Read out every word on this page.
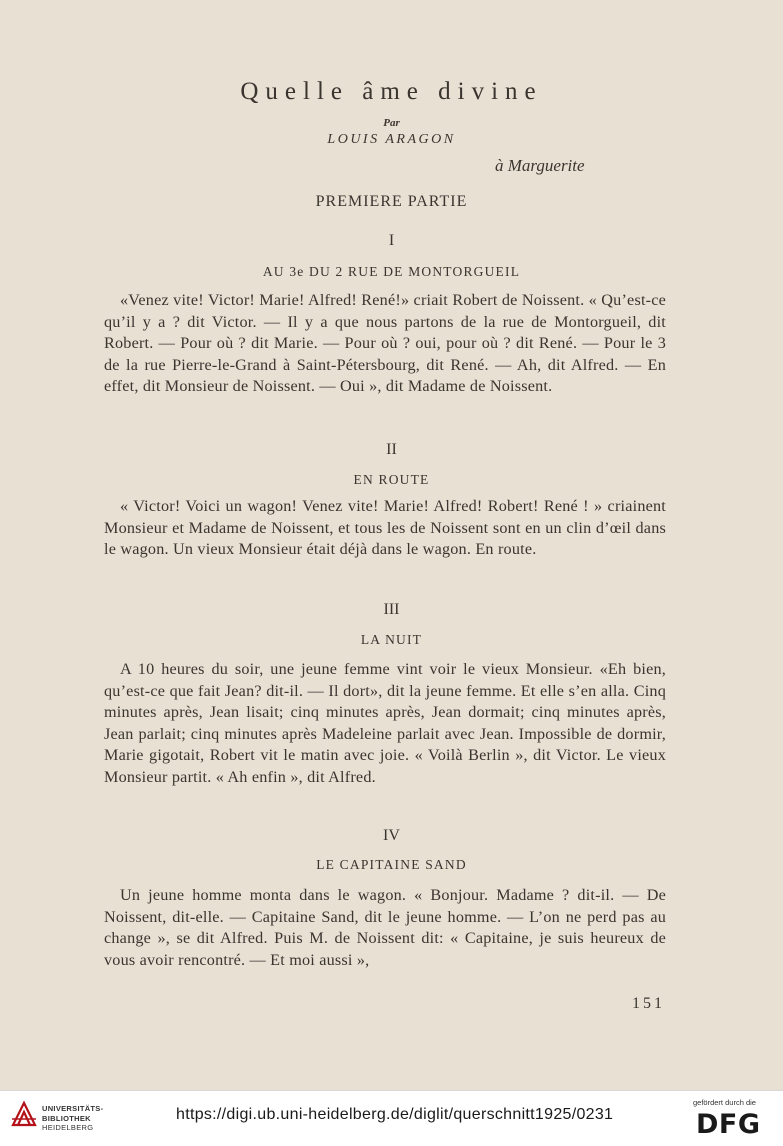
Quelle âme divine
Par
LOUIS ARAGON
à Marguerite
PREMIERE PARTIE
I
AU 3e DU 2 RUE DE MONTORGUEIL
«Venez vite! Victor! Marie! Alfred! René!» criait Robert de Noissent. « Qu’est-ce qu’il y a ? dit Victor. — Il y a que nous partons de la rue de Montorgueil, dit Robert. — Pour où ? dit Marie. — Pour où ? oui, pour où ? dit René. — Pour le 3 de la rue Pierre-le-Grand à Saint-Pétersbourg, dit René. — Ah, dit Alfred. — En effet, dit Monsieur de Noissent. — Oui », dit Madame de Noissent.
II
EN ROUTE
« Victor! Voici un wagon! Venez vite! Marie! Alfred! Robert! René ! » criainent Monsieur et Madame de Noissent, et tous les de Noissent sont en un clin d’œil dans le wagon. Un vieux Monsieur était déjà dans le wagon. En route.
III
LA NUIT
A 10 heures du soir, une jeune femme vint voir le vieux Monsieur. «Eh bien, qu’est-ce que fait Jean? dit-il. — Il dort», dit la jeune femme. Et elle s’en alla. Cinq minutes après, Jean lisait; cinq minutes après, Jean dormait; cinq minutes après, Jean parlait; cinq minutes après Madeleine parlait avec Jean. Impossible de dormir, Marie gigotait, Robert vit le matin avec joie. « Voilà Berlin », dit Victor. Le vieux Monsieur partit. « Ah enfin », dit Alfred.
IV
LE CAPITAINE SAND
Un jeune homme monta dans le wagon. « Bonjour. Madame ? dit-il. — De Noissent, dit-elle. — Capitaine Sand, dit le jeune homme. — L’on ne perd pas au change », se dit Alfred. Puis M. de Noissent dit: « Capitaine, je suis heureux de vous avoir rencontré. — Et moi aussi »,
151
UNIVERSITÄTS-
BIBLIOTHEK
HEIDELBERG
https://digi.ub.uni-heidelberg.de/diglit/querschnitt1925/0231
gefördert durch die
DFG
